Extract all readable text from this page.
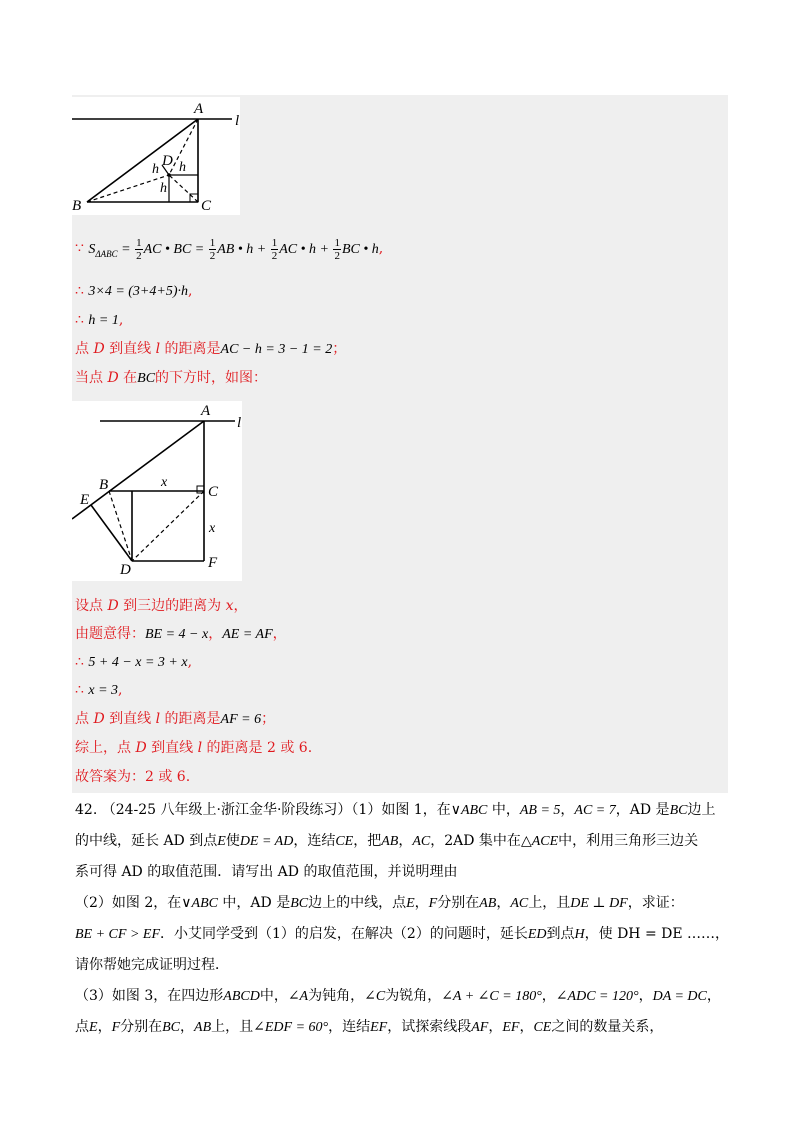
A
B	C
D
l
h h
h
∵ $S_{\Delta ABC} = \frac{1}{2}$ AC • BC = $\frac{1}{2}$ AB • $h + \frac{1}{2}$ AC • $h + \frac{1}{2}$ BC • h,
∴ 3×4 = (3+4+5)·h,
∴ h = 1,
点 D 到直线 l 的距离是AC − h = 3 − 1 = 2；
当点 D 在BC的下方时，如图：
A
B	C
D
E
F
l
x
x
设点 D 到三边的距离为 x，
由题意得：BE = 4 − x，AE = AF，
∴ 5 + 4 − x = 3 + x,
∴ x = 3,
点 D 到直线 l 的距离是AF = 6；
综上，点 D 到直线 l 的距离是 2 或 6.
故答案为：2 或 6.
42. （24-25 八年级上·浙江金华·阶段练习）（1）如图 1，在∨ABC 中，AB = 5，AC = 7，AD 是BC边上
的中线，延长 AD 到点E使DE = AD，连结CE，把AB，AC，2AD 集中在△ACE中，利用三角形三边关
系可得 AD 的取值范围．请写出 AD 的取值范围，并说明理由
（2）如图 2，在∨ABC 中，AD 是BC边上的中线，点E，F分别在AB，AC上，且DE ⊥ DF，求证：
BE + CF > EF．小艾同学受到（1）的启发，在解决（2）的问题时，延长ED到点H，使 DH = DE ……，
请你帮她完成证明过程．
（3）如图 3，在四边形ABCD中，∠A为钝角，∠C为锐角，∠A + ∠C = 180°，∠ADC = 120°，DA = DC，
点E，F分别在BC，AB上，且∠EDF = 60°，连结EF，试探索线段AF，EF，CE之间的数量关系，
